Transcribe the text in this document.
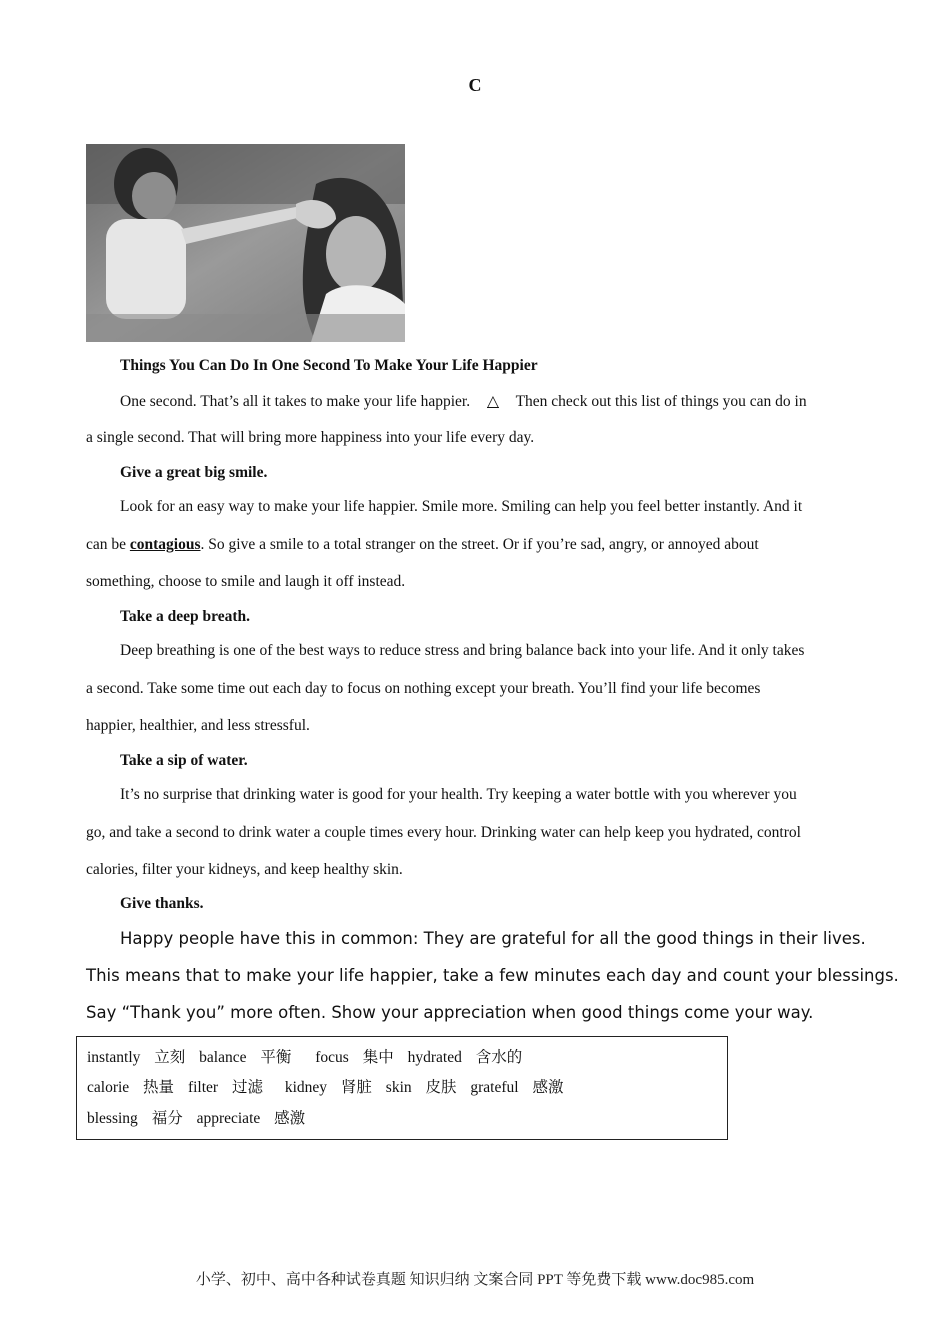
C
Things You Can Do In One Second To Make Your Life Happier
One second. That’s all it takes to make your life happier. △ Then check out this list of things you can do in
a single second. That will bring more happiness into your life every day.
Give a great big smile.
Look for an easy way to make your life happier. Smile more. Smiling can help you feel better instantly. And it
can be contagious. So give a smile to a total stranger on the street. Or if you’re sad, angry, or annoyed about
something, choose to smile and laugh it off instead.
Take a deep breath.
Deep breathing is one of the best ways to reduce stress and bring balance back into your life. And it only takes
a second. Take some time out each day to focus on nothing except your breath. You’ll find your life becomes
happier, healthier, and less stressful.
Take a sip of water.
It’s no surprise that drinking water is good for your health. Try keeping a water bottle with you wherever you
go, and take a second to drink water a couple times every hour. Drinking water can help keep you hydrated, control
calories, filter your kidneys, and keep healthy skin.
Give thanks.
Happy people have this in common: They are grateful for all the good things in their lives.
This means that to make your life happier, take a few minutes each day and count your blessings.
Say “Thank you” more often. Show your appreciation when good things come your way.
instantly 立刻 balance 平衡 focus 集中 hydrated 含水的
calorie 热量 filter 过滤 kidney 肾脏 skin 皮肤 grateful 感激
blessing 福分 appreciate 感激
小学、初中、高中各种试卷真题 知识归纳 文案合同 PPT 等免费下载 www.doc985.com
